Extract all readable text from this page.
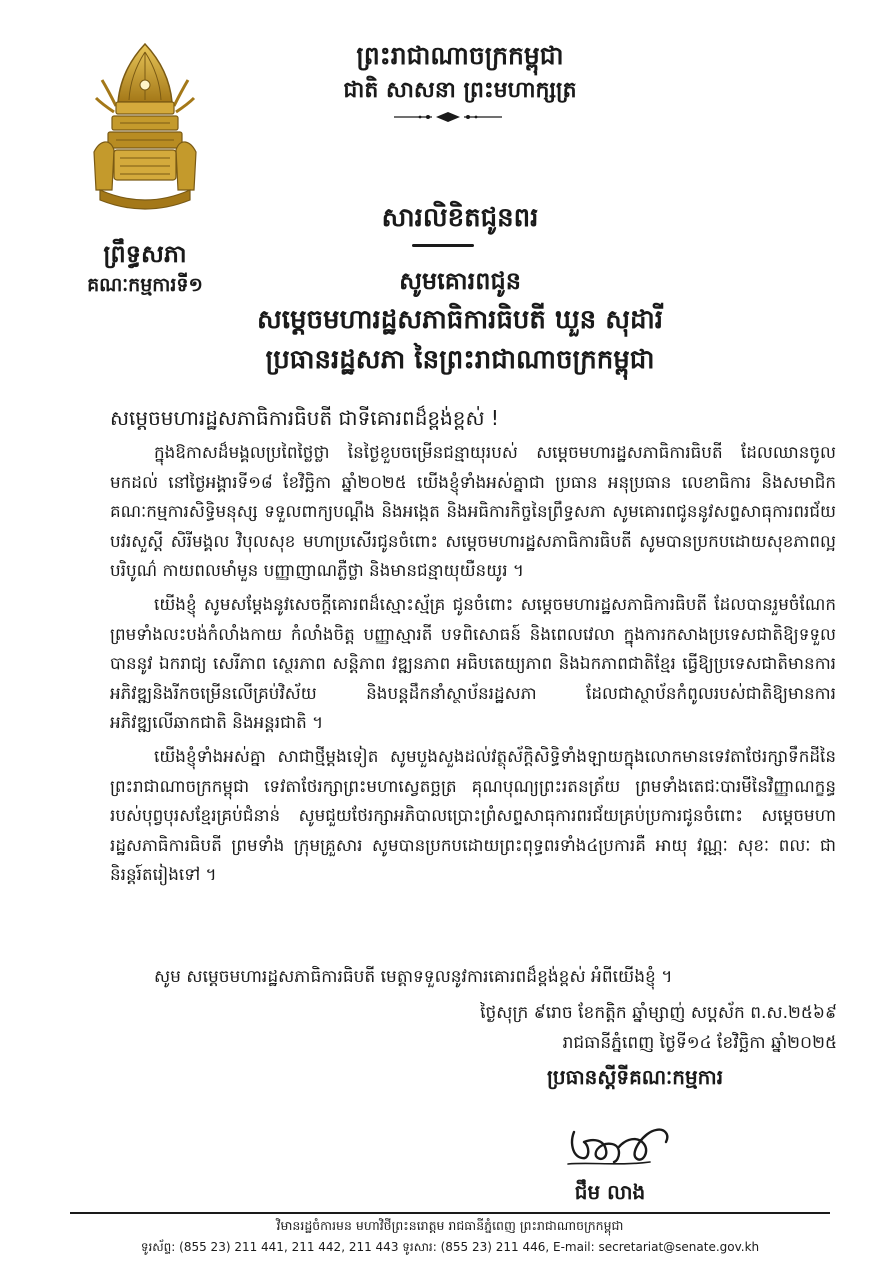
ព្រះរាជាណាចក្រកម្ពុជា
ជាតិ សាសនា ព្រះមហាក្សត្រ
ព្រឹទ្ធសភា
គណៈកម្មការទី១
សារលិខិតជូនពរ
សូមគោរពជូន
សម្តេចមហារដ្ឋសភាធិការធិបតី ឃួន សុដារី
ប្រធានរដ្ឋសភា នៃព្រះរាជាណាចក្រកម្ពុជា
សម្តេចមហារដ្ឋសភាធិការធិបតី ជាទីគោរពដ៏ខ្ពង់ខ្ពស់ !

ក្នុងឱកាសដ៏មង្គលប្រពៃថ្លៃថ្លា នៃថ្ងៃខួបចម្រើនជន្មាយុរបស់ សម្តេចមហារដ្ឋសភាធិការធិបតី ដែលឈានចូលមកដល់ នៅថ្ងៃអង្គារទី១៨ ខែវិច្ឆិកា ឆ្នាំ២០២៥ យើងខ្ញុំទាំងអស់គ្នាជា ប្រធាន អនុប្រធាន លេខាធិការ និងសមាជិកគណៈកម្មការសិទ្ធិមនុស្ស ទទួលពាក្យបណ្តឹង និងអង្កេត និងអធិការកិច្ចនៃព្រឹទ្ធសភា សូមគោរពជូននូវសព្ទសាធុការពរជ័យ បវរសួស្តី សិរីមង្គល វិបុលសុខ មហាប្រសើរជូនចំពោះ សម្តេចមហារដ្ឋសភាធិការធិបតី សូមបានប្រកបដោយសុខភាពល្អបរិបូណ៌ កាយពលមាំមួន បញ្ញាញាណភ្លឺថ្លា និងមានជន្មាយុយឺនយូរ ។

យើងខ្ញុំ សូមសម្តែងនូវសេចក្តីគោរពដ៏ស្មោះស្ម័គ្រ ជូនចំពោះ សម្តេចមហារដ្ឋសភាធិការធិបតី ដែលបានរួមចំណែក ព្រមទាំងលះបង់កំលាំងកាយ កំលាំងចិត្ត បញ្ញាស្មារតី បទពិសោធន៍ និងពេលវេលា ក្នុងការកសាងប្រទេសជាតិឱ្យទទួលបាននូវ ឯករាជ្យ សេរីភាព ស្ថេរភាព សន្តិភាព វឌ្ឍនភាព អធិបតេយ្យភាព និងឯកភាពជាតិខ្មែរ ធ្វើឱ្យប្រទេសជាតិមានការអភិវឌ្ឍនិងរីកចម្រើនលើគ្រប់វិស័យ និងបន្តដឹកនាំស្ថាប័នរដ្ឋសភា ដែលជាស្ថាប័នកំពូលរបស់ជាតិឱ្យមានការអភិវឌ្ឍលើឆាកជាតិ និងអន្តរជាតិ ។

យើងខ្ញុំទាំងអស់គ្នា សាជាថ្មីម្តងទៀត សូមបួងសួងដល់វត្ថុស័ក្តិសិទ្ធិទាំងឡាយក្នុងលោកមានទេវតាថែរក្សាទឹកដីនៃព្រះរាជាណាចក្រកម្ពុជា ទេវតាថែរក្សាព្រះមហាស្វេតច្ឆត្រ គុណបុណ្យព្រះរតនត្រ័យ ព្រមទាំងតេជៈបារមីនៃវិញ្ញាណក្ខន្ធរបស់បុព្វបុរសខ្មែរគ្រប់ជំនាន់ សូមជួយថែរក្សាអភិបាលប្រោះព្រំសព្ទសាធុការពរជ័យគ្រប់ប្រការជូនចំពោះ សម្តេចមហារដ្ឋសភាធិការធិបតី ព្រមទាំង ក្រុមគ្រួសារ សូមបានប្រកបដោយព្រះពុទ្ធពរទាំង៤ប្រការគឺ អាយុ វណ្ណៈ សុខៈ ពលៈ ជានិរន្តរ៍តរៀងទៅ ។

សូម សម្តេចមហារដ្ឋសភាធិការធិបតី មេត្តាទទួលនូវការគោរពដ៏ខ្ពង់ខ្ពស់ អំពីយើងខ្ញុំ ។
ថ្ងៃសុក្រ ៩រោច ខែកត្តិក ឆ្នាំម្សាញ់ សប្តស័ក ព.ស.២៥៦៩
រាជធានីភ្នំពេញ ថ្ងៃទី១៤ ខែវិច្ឆិកា ឆ្នាំ២០២៥
ប្រធានស្តីទីគណៈកម្មការ
ជឹម លាង
វិមានរដ្ឋចំការមន មហាវិថីព្រះនរោត្តម រាជធានីភ្នំពេញ ព្រះរាជាណាចក្រកម្ពុជា
ទូរស័ព្ទ: (855 23) 211 441, 211 442, 211 443 ទូរសារ: (855 23) 211 446, E-mail: secretariat@senate.gov.kh
